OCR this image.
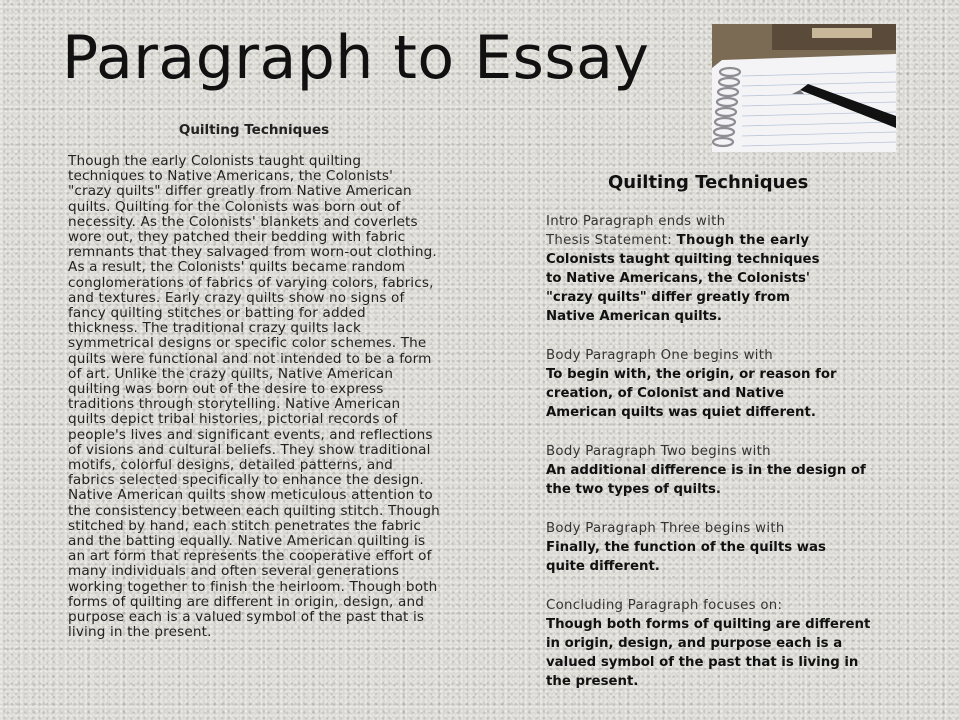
Paragraph to Essay
Quilting Techniques

Though the early Colonists taught quilting techniques to Native Americans, the Colonists' "crazy quilts" differ greatly from Native American quilts. Quilting for the Colonists was born out of necessity. As the Colonists' blankets and coverlets wore out, they patched their bedding with fabric remnants that they salvaged from worn-out clothing. As a result, the Colonists' quilts became random conglomerations of fabrics of varying colors, fabrics, and textures. Early crazy quilts show no signs of fancy quilting stitches or batting for added thickness. The traditional crazy quilts lack symmetrical designs or specific color schemes. The quilts were functional and not intended to be a form of art. Unlike the crazy quilts, Native American quilting was born out of the desire to express traditions through storytelling. Native American quilts depict tribal histories, pictorial records of people's lives and significant events, and reflections of visions and cultural beliefs. They show traditional motifs, colorful designs, detailed patterns, and fabrics selected specifically to enhance the design. Native American quilts show meticulous attention to the consistency between each quilting stitch. Though stitched by hand, each stitch penetrates the fabric and the batting equally. Native American quilting is an art form that represents the cooperative effort of many individuals and often several generations working together to finish the heirloom. Though both forms of quilting are different in origin, design, and purpose each is a valued symbol of the past that is living in the present.

Quilting Techniques
Intro Paragraph ends with
Thesis Statement: Though the early
Colonists taught quilting techniques to Native Americans, the Colonists' "crazy quilts" differ greatly from Native American quilts.
Body Paragraph One begins with
To begin with, the origin, or reason for creation, of Colonist and Native American quilts was quiet different.
Body Paragraph Two begins with
An additional difference is in the design of the two types of quilts.
Body Paragraph Three begins with
Finally, the function of the quilts was quite different.
Concluding Paragraph focuses on:
Though both forms of quilting are different in origin, design, and purpose each is a valued symbol of the past that is living in the present.
